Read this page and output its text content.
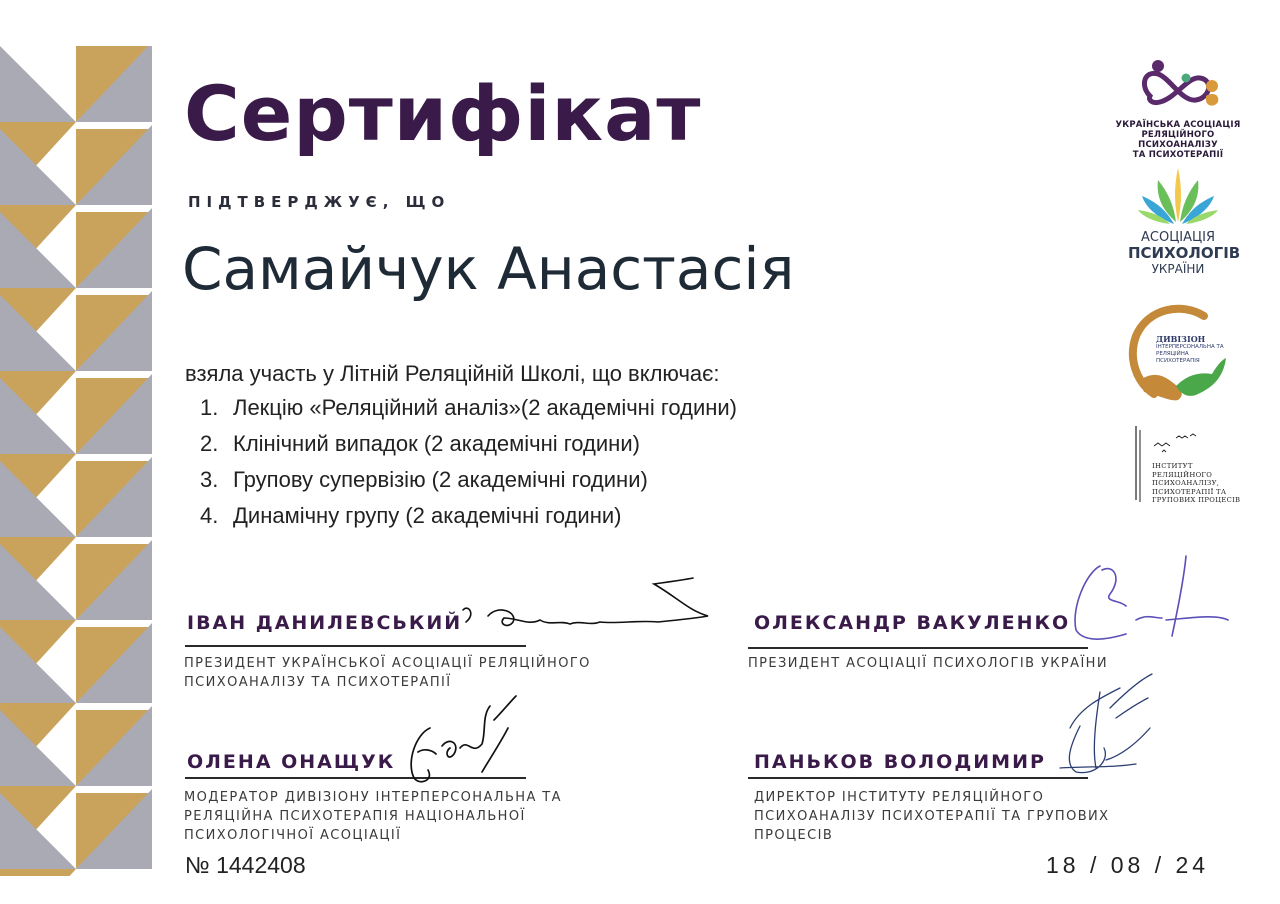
Сертифікат
ПІДТВЕРДЖУЄ, ЩО
Самайчук Анастасія
взяла участь у Літній Реляційній Школі, що включає:
1. Лекцію «Реляційний аналіз»(2 академічні години)
2. Клінічний випадок (2 академічні години)
3. Групову супервізію (2 академічні години)
4. Динамічну групу (2 академічні години)
ІВАН ДАНИЛЕВСЬКИЙ
ПРЕЗИДЕНТ УКРАЇНСЬКОЇ АСОЦІАЦІЇ РЕЛЯЦІЙНОГО
ПСИХОАНАЛІЗУ ТА ПСИХОТЕРАПІЇ
ОЛЕКСАНДР ВАКУЛЕНКО
ПРЕЗИДЕНТ АСОЦІАЦІЇ ПСИХОЛОГІВ УКРАЇНИ
ОЛЕНА ОНАЩУК
МОДЕРАТОР ДИВІЗІОНУ ІНТЕРПЕРСОНАЛЬНА ТА
РЕЛЯЦІЙНА ПСИХОТЕРАПІЯ НАЦІОНАЛЬНОЇ
ПСИХОЛОГІЧНОЇ АСОЦІАЦІЇ
ПАНЬКОВ ВОЛОДИМИР
ДИРЕКТОР ІНСТИТУТУ РЕЛЯЦІЙНОГО
ПСИХОАНАЛІЗУ ПСИХОТЕРАПІЇ ТА ГРУПОВИХ
ПРОЦЕСІВ
№ 1442408	18 / 08 / 24
УКРАЇНСЬКА АСОЦІАЦІЯ
РЕЛЯЦІЙНОГО ПСИХОАНАЛІЗУ
ТА ПСИХОТЕРАПІЇ
АСОЦІАЦІЯ
ПСИХОЛОГІВ
УКРАЇНИ
ДИВІЗІОН
ІНТЕРПЕРСОНАЛЬНА ТА
РЕЛЯЦІЙНА ПСИХОТЕРАПІЯ
ІНСТИТУТ РЕЛЯЦІЙНОГО
ПСИХОАНАЛІЗУ,
ПСИХОТЕРАПІЇ ТА
ГРУПОВИХ ПРОЦЕСІВ
